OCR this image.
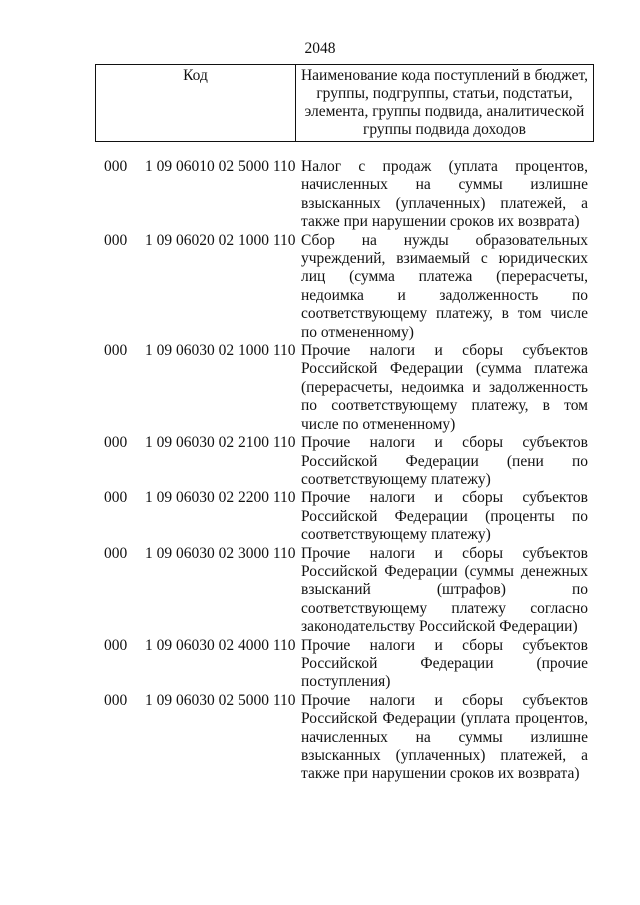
2048
Код	Наименование кода поступлений в бюджет, группы, подгруппы, статьи, подстатьи, элемента, группы подвида, аналитической группы подвида доходов
000 1 09 06010 02 5000 110 Налог с продаж (уплата процентов, начисленных на суммы излишне взысканных (уплаченных) платежей, а также при нарушении сроков их возврата)
000 1 09 06020 02 1000 110 Сбор на нужды образовательных учреждений, взимаемый с юридических лиц (сумма платежа (перерасчеты, недоимка и задолженность по соответствующему платежу, в том числе по отмененному)
000 1 09 06030 02 1000 110 Прочие налоги и сборы субъектов Российской Федерации (сумма платежа (перерасчеты, недоимка и задолженность по соответствующему платежу, в том числе по отмененному)
000 1 09 06030 02 2100 110 Прочие налоги и сборы субъектов Российской Федерации (пени по соответствующему платежу)
000 1 09 06030 02 2200 110 Прочие налоги и сборы субъектов Российской Федерации (проценты по соответствующему платежу)
000 1 09 06030 02 3000 110 Прочие налоги и сборы субъектов Российской Федерации (суммы денежных взысканий (штрафов) по соответствующему платежу согласно законодательству Российской Федерации)
000 1 09 06030 02 4000 110 Прочие налоги и сборы субъектов Российской Федерации (прочие поступления)
000 1 09 06030 02 5000 110 Прочие налоги и сборы субъектов Российской Федерации (уплата процентов, начисленных на суммы излишне взысканных (уплаченных) платежей, а также при нарушении сроков их возврата)
